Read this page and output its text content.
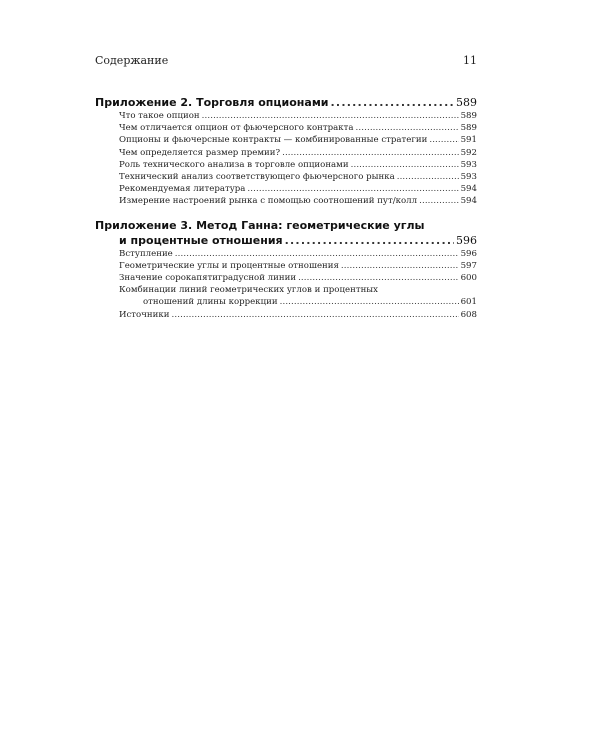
Содержание	11
Приложение 2. Торговля опционами . . .	589
Что такое опцион . . .	589
Чем отличается опцион от фьючерсного контракта . . .	589
Опционы и фьючерсные контракты — комбинированные стратегии . . .	591
Чем определяется размер премии? . . .	592
Роль технического анализа в торговле опционами . . .	593
Технический анализ соответствующего фьючерсного рынка . . .	593
Рекомендуемая литература . . .	594
Измерение настроений рынка с помощью соотношений пут/колл . . .	594
Приложение 3. Метод Ганна: геометрические углы
и процентные отношения . . .	596
Вступление . . .	596
Геометрические углы и процентные отношения . . .	597
Значение сорокапятиградусной линии . . .	600
Комбинации линий геометрических углов и процентных
отношений длины коррекции . . .	601
Источники . . .	608
